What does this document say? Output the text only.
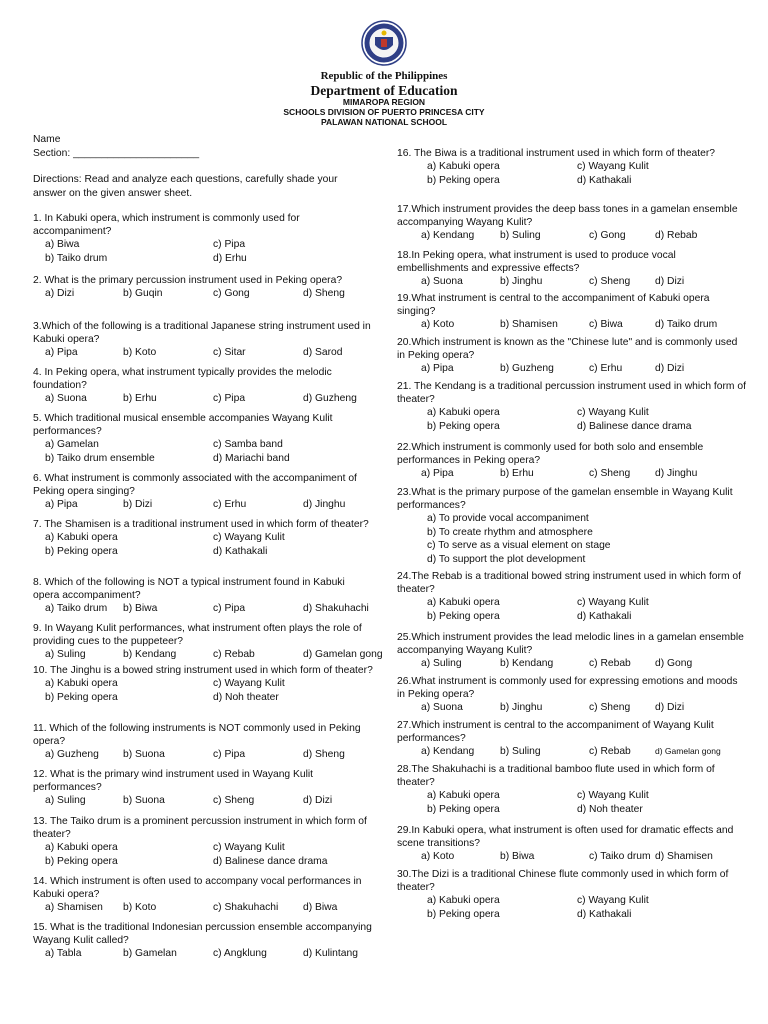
Republic of the Philippines

Department of Education

MIMAROPA REGION

SCHOOLS DIVISION OF PUERTO PRINCESA CITY

PALAWAN NATIONAL SCHOOL

Name
Section: ______________________
Directions: Read and analyze each questions, carefully shade your answer on the given answer sheet.
1. In Kabuki opera, which instrument is commonly used for accompaniment?
a) Biwa	c) Pipa
b) Taiko drum	d) Erhu
2. What is the primary percussion instrument used in Peking opera?
a) Dizi	b) Guqin	c) Gong	d) Sheng
3.Which of the following is a traditional Japanese string instrument used in Kabuki opera?
a) Pipa	b) Koto	c) Sitar	d) Sarod
4. In Peking opera, what instrument typically provides the melodic foundation?
a) Suona	b) Erhu	c) Pipa	d) Guzheng
5. Which traditional musical ensemble accompanies Wayang Kulit performances?
a) Gamelan	c) Samba band
b) Taiko drum ensemble	d) Mariachi band
6. What instrument is commonly associated with the accompaniment of Peking opera singing?
a) Pipa	b) Dizi	c) Erhu	d) Jinghu
7. The Shamisen is a traditional instrument used in which form of theater?
a) Kabuki opera	c) Wayang Kulit
b) Peking opera	d) Kathakali
8. Which of the following is NOT a typical instrument found in Kabuki opera accompaniment?
a) Taiko drum b) Biwa	c) Pipa	d) Shakuhachi
9. In Wayang Kulit performances, what instrument often plays the role of providing cues to the puppeteer?
a) Suling	b) Kendang	c) Rebab	d) Gamelan gong
10. The Jinghu is a bowed string instrument used in which form of theater?
a) Kabuki opera	c) Wayang Kulit
b) Peking opera	d) Noh theater
11. Which of the following instruments is NOT commonly used in Peking opera?
a) Guzheng b) Suona	c) Pipa	d) Sheng
12. What is the primary wind instrument used in Wayang Kulit performances?
a) Suling	b) Suona	c) Sheng	d) Dizi
13. The Taiko drum is a prominent percussion instrument in which form of theater?
a) Kabuki opera	c) Wayang Kulit
b) Peking opera	d) Balinese dance drama
14. Which instrument is often used to accompany vocal performances in Kabuki opera?
a) Shamisen b) Koto	c) Shakuhachi d) Biwa
15. What is the traditional Indonesian percussion ensemble accompanying Wayang Kulit called?
a) Tabla	b) Gamelan	c) Angklung	d) Kulintang
16. The Biwa is a traditional instrument used in which form of theater?
a) Kabuki opera	c) Wayang Kulit
b) Peking opera	d) Kathakali
17.Which instrument provides the deep bass tones in a gamelan ensemble accompanying Wayang Kulit?
a) Kendang	b) Suling	c) Gong	d) Rebab
18.In Peking opera, what instrument is used to produce vocal embellishments and expressive effects?
a) Suona	b) Jinghu	c) Sheng d) Dizi
19.What instrument is central to the accompaniment of Kabuki opera singing?
a) Koto	b) Shamisen	c) Biwa	d) Taiko drum
20.Which instrument is known as the "Chinese lute" and is commonly used in Peking opera?
a) Pipa	b) Guzheng	c) Erhu	d) Dizi
21. The Kendang is a traditional percussion instrument used in which form of theater?
a) Kabuki opera	c) Wayang Kulit
b) Peking opera	d) Balinese dance drama
22.Which instrument is commonly used for both solo and ensemble performances in Peking opera?
a) Pipa	b) Erhu	c) Sheng d) Jinghu
23.What is the primary purpose of the gamelan ensemble in Wayang Kulit performances?
a) To provide vocal accompaniment
b) To create rhythm and atmosphere
c) To serve as a visual element on stage
d) To support the plot development
24.The Rebab is a traditional bowed string instrument used in which form of theater?
a) Kabuki opera	c) Wayang Kulit
b) Peking opera	d) Kathakali
25.Which instrument provides the lead melodic lines in a gamelan ensemble accompanying Wayang Kulit?
a) Suling	b) Kendang	c) Rebab d) Gong
26.What instrument is commonly used for expressing emotions and moods in Peking opera?
a) Suona	b) Jinghu	c) Sheng d) Dizi
27.Which instrument is central to the accompaniment of Wayang Kulit performances?
a) Kendang	b) Suling	c) Rebab	d) Gamelan gong
28.The Shakuhachi is a traditional bamboo flute used in which form of theater?
a) Kabuki opera	c) Wayang Kulit
b) Peking opera	d) Noh theater
29.In Kabuki opera, what instrument is often used for dramatic effects and scene transitions?
a) Koto	b) Biwa	c) Taiko drum d) Shamisen
30.The Dizi is a traditional Chinese flute commonly used in which form of theater?
a) Kabuki opera	c) Wayang Kulit
b) Peking opera	d) Kathakali
